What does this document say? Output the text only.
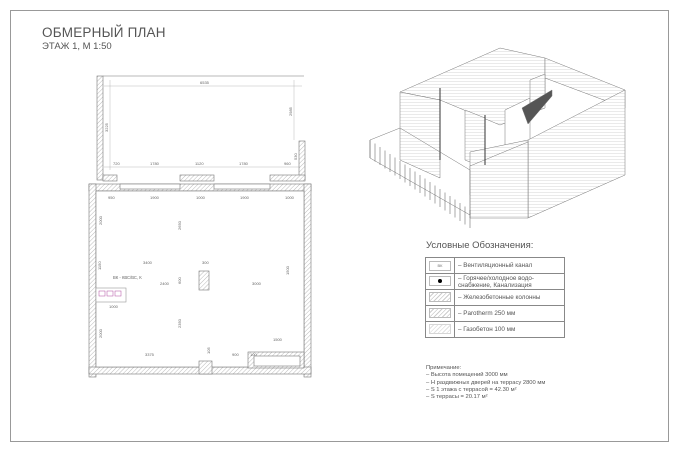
ОБМЕРНЫЙ ПЛАН
ЭТАЖ 1, М 1:50
ВК - КВС/ВС, К
6535
3225
2985
720	1780	1120	1780	960
530
950	1900	1000	1900	1000
2000
2650
3400	300
1150
2400 600	3000
1500
1000
2000
2350
1500
3375
105
900	100
Условные Обозначения:
ВК	– Вентиляционный канал

	– Горячее/холодное водо-снабжение, Канализация
	– Железобетонные колонны
	– Parotherm 250 мм
	– Газобетон 100 мм
Примечание:
– Высота помещений 3000 мм
– Н раздвижных дверей на террасу 2800 мм
– S 1 этажа с террасой = 42.30 м²
– S террасы = 20.17 м²
